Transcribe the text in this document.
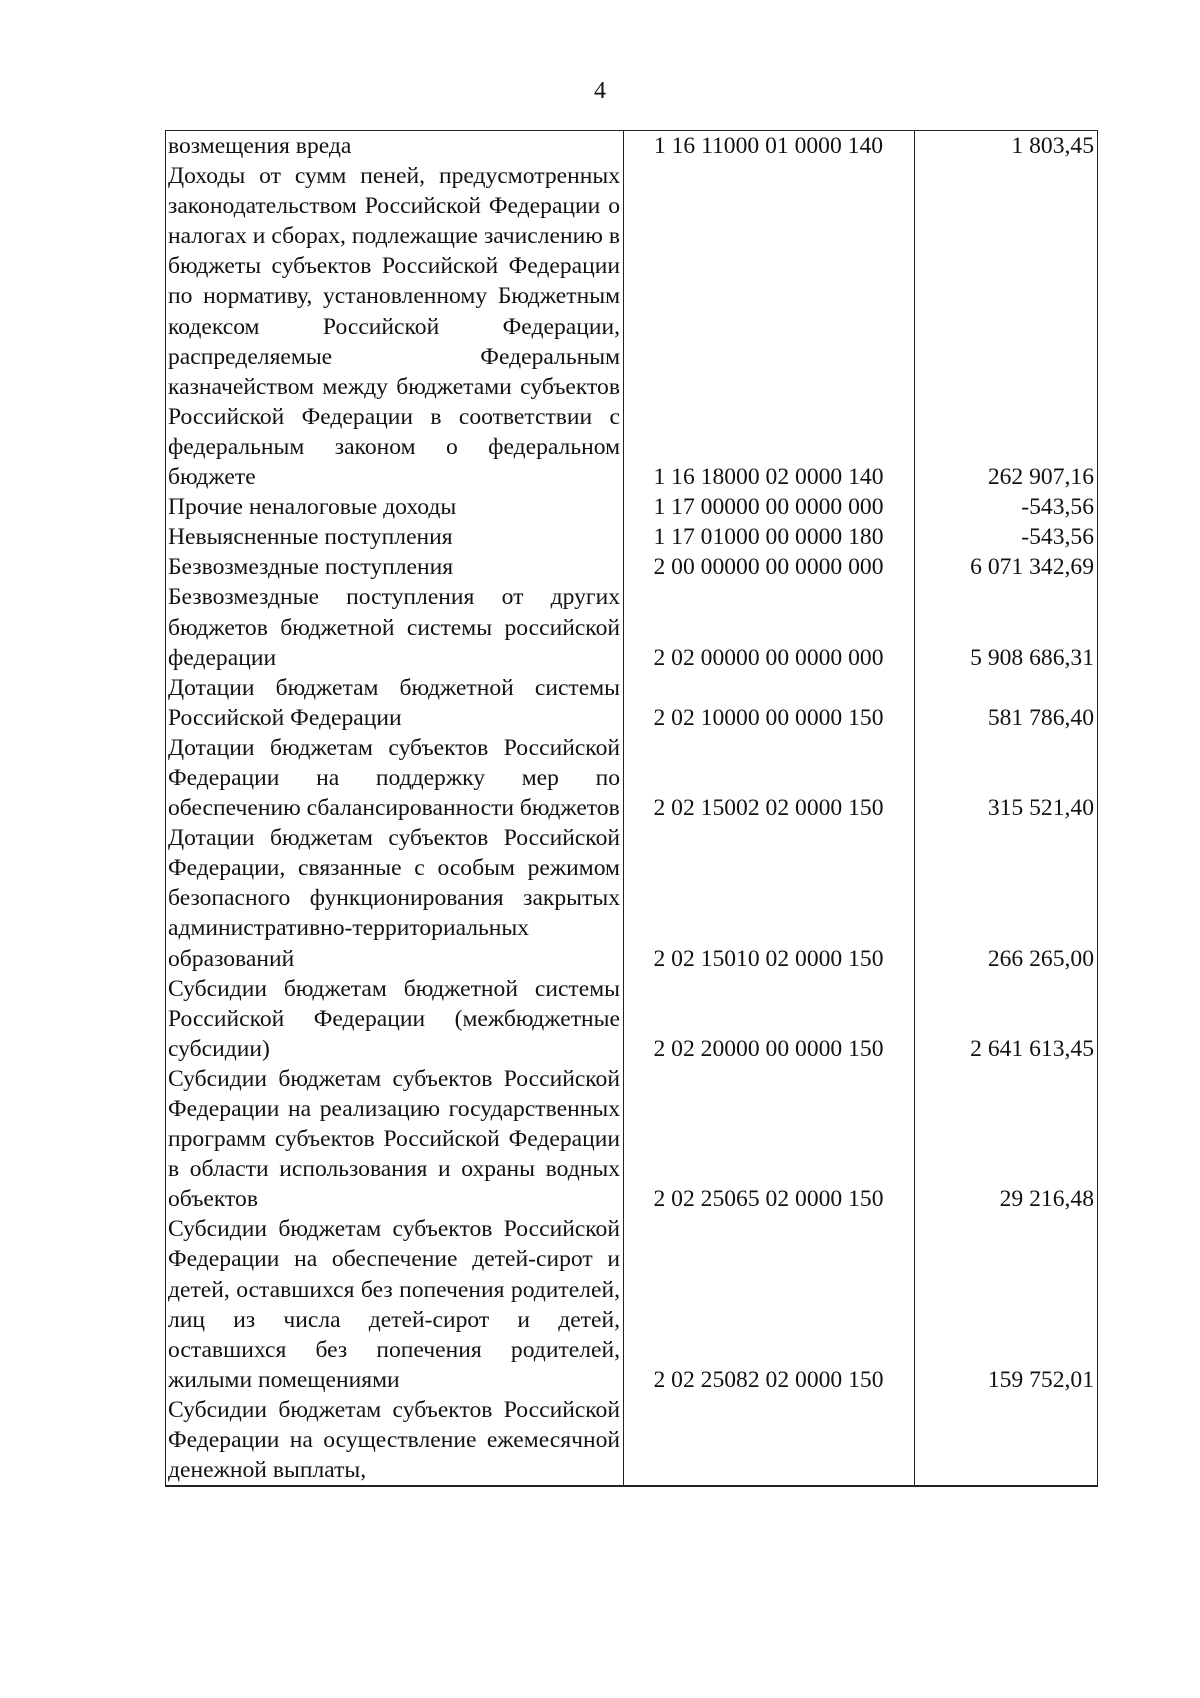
4
возмещения вреда	1 16 11000 01 0000 140	1 803,45
Доходы от сумм пеней, предусмотренных законодательством Российской Федерации о налогах и сборах, подлежащие зачислению в бюджеты субъектов Российской Федерации по нормативу, установленному Бюджетным кодексом Российской Федерации, распределяемые Федеральным казначейством между бюджетами субъектов Российской Федерации в соответствии с федеральным законом о федеральном бюджете	1 16 18000 02 0000 140	262 907,16
Прочие неналоговые доходы	1 17 00000 00 0000 000	-543,56
Невыясненные поступления	1 17 01000 00 0000 180	-543,56
Безвозмездные поступления	2 00 00000 00 0000 000	6 071 342,69
Безвозмездные поступления от других бюджетов бюджетной системы российской федерации	2 02 00000 00 0000 000	5 908 686,31
Дотации бюджетам бюджетной системы Российской Федерации	2 02 10000 00 0000 150	581 786,40
Дотации бюджетам субъектов Российской Федерации на поддержку мер по обеспечению сбалансированности бюджетов	2 02 15002 02 0000 150	315 521,40
Дотации бюджетам субъектов Российской Федерации, связанные с особым режимом безопасного функционирования закрытых административно-территориальных образований	2 02 15010 02 0000 150	266 265,00
Субсидии бюджетам бюджетной системы Российской Федерации (межбюджетные субсидии)	2 02 20000 00 0000 150	2 641 613,45
Субсидии бюджетам субъектов Российской Федерации на реализацию государственных программ субъектов Российской Федерации в области использования и охраны водных объектов	2 02 25065 02 0000 150	29 216,48
Субсидии бюджетам субъектов Российской Федерации на обеспечение детей-сирот и детей, оставшихся без попечения родителей, лиц из числа детей-сирот и детей, оставшихся без попечения родителей, жилыми помещениями	2 02 25082 02 0000 150	159 752,01
Субсидии бюджетам субъектов Российской Федерации на осуществление ежемесячной денежной выплаты,		
